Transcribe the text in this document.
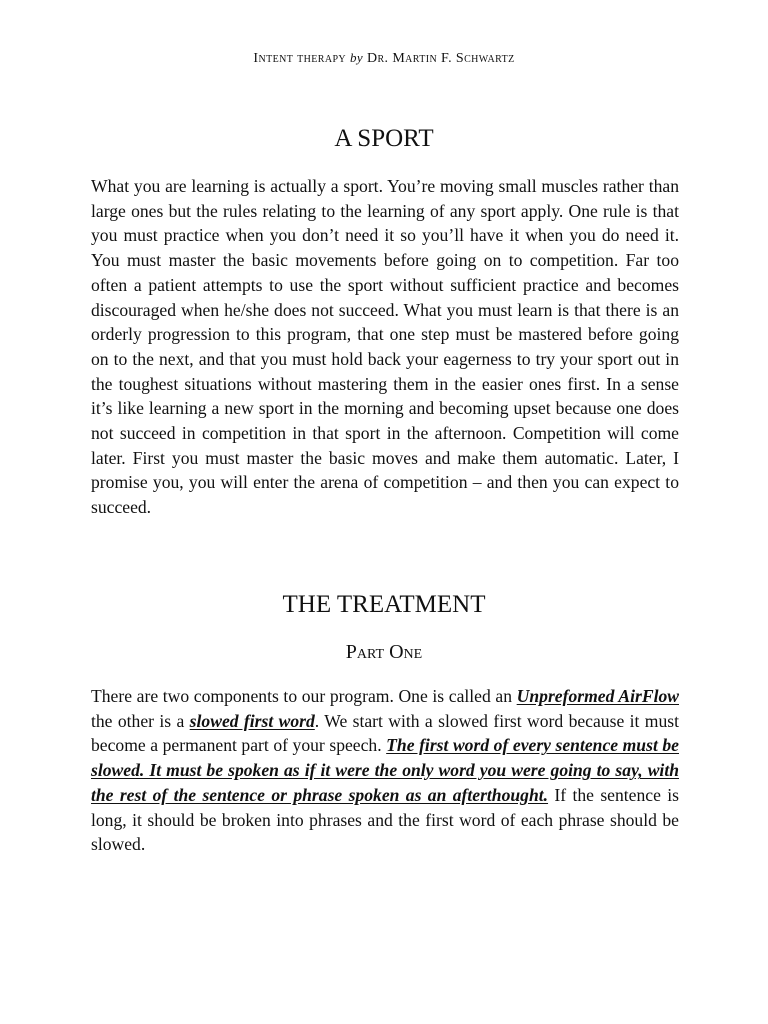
Intent therapy by Dr. Martin F. Schwartz
A SPORT

What you are learning is actually a sport. You’re moving small muscles rather than large ones but the rules relating to the learning of any sport apply. One rule is that you must practice when you don’t need it so you’ll have it when you do need it. You must master the basic movements before going on to competition. Far too often a patient attempts to use the sport without sufficient practice and becomes discouraged when he/she does not succeed. What you must learn is that there is an orderly progression to this program, that one step must be mastered before going on to the next, and that you must hold back your eagerness to try your sport out in the toughest situations without mastering them in the easier ones first. In a sense it’s like learning a new sport in the morning and becoming upset because one does not succeed in competition in that sport in the afternoon. Competition will come later. First you must master the basic moves and make them automatic. Later, I promise you, you will enter the arena of competition – and then you can expect to succeed.

THE TREATMENT
Part One

There are two components to our program. One is called an Unpreformed AirFlow the other is a slowed first word. We start with a slowed first word because it must become a permanent part of your speech. The first word of every sentence must be slowed. It must be spoken as if it were the only word you were going to say, with the rest of the sentence or phrase spoken as an afterthought. If the sentence is long, it should be broken into phrases and the first word of each phrase should be slowed.
